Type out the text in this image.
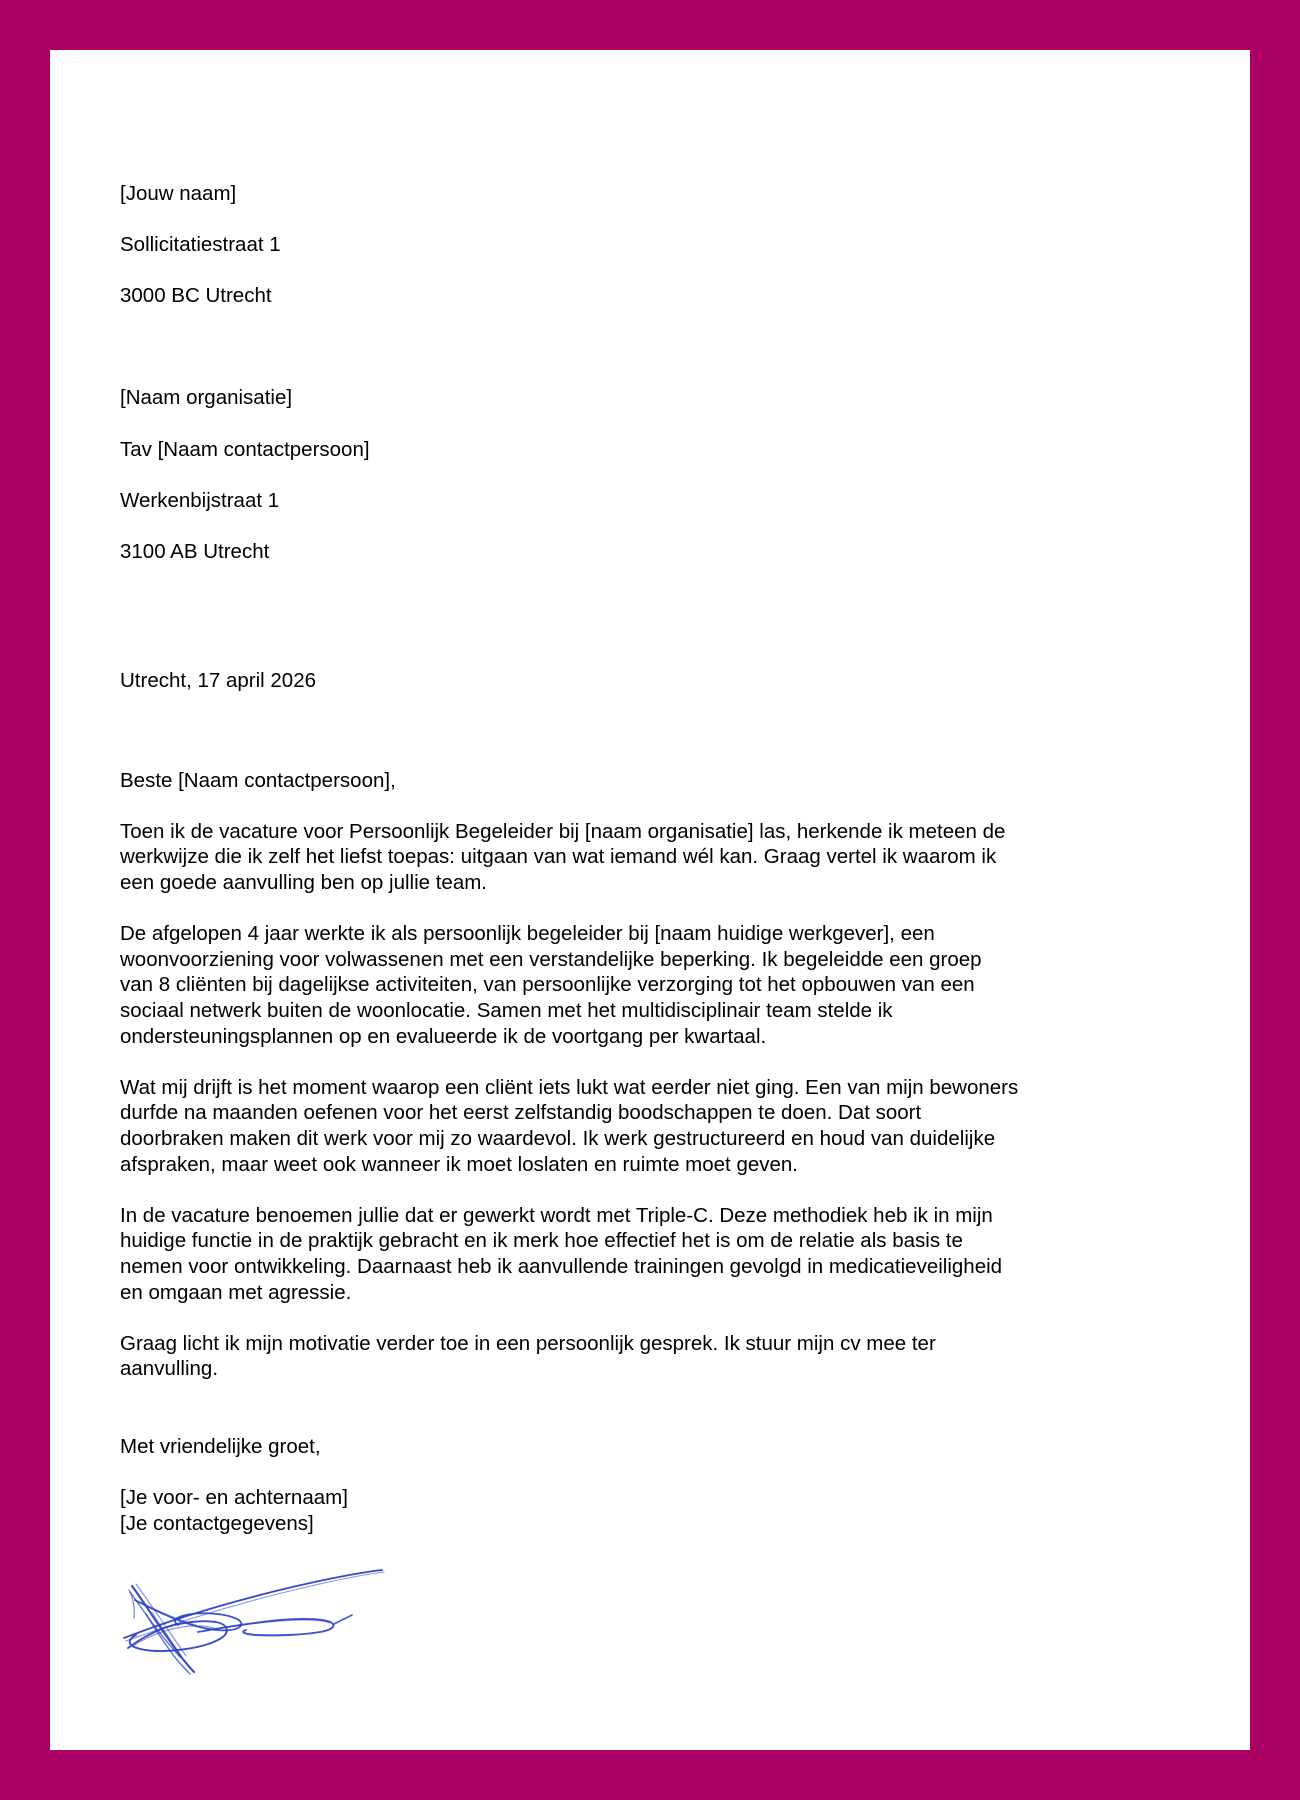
[Jouw naam]

Sollicitatiestraat 1

3000 BC Utrecht

[Naam organisatie]

Tav [Naam contactpersoon]

Werkenbijstraat 1

3100 AB Utrecht

Utrecht, 17 april 2026

Beste [Naam contactpersoon],

Toen ik de vacature voor Persoonlijk Begeleider bij [naam organisatie] las, herkende ik meteen de werkwijze die ik zelf het liefst toepas: uitgaan van wat iemand wél kan. Graag vertel ik waarom ik een goede aanvulling ben op jullie team.

De afgelopen 4 jaar werkte ik als persoonlijk begeleider bij [naam huidige werkgever], een woonvoorziening voor volwassenen met een verstandelijke beperking. Ik begeleidde een groep van 8 cliënten bij dagelijkse activiteiten, van persoonlijke verzorging tot het opbouwen van een sociaal netwerk buiten de woonlocatie. Samen met het multidisciplinair team stelde ik ondersteuningsplannen op en evalueerde ik de voortgang per kwartaal.

Wat mij drijft is het moment waarop een cliënt iets lukt wat eerder niet ging. Een van mijn bewoners durfde na maanden oefenen voor het eerst zelfstandig boodschappen te doen. Dat soort doorbraken maken dit werk voor mij zo waardevol. Ik werk gestructureerd en houd van duidelijke afspraken, maar weet ook wanneer ik moet loslaten en ruimte moet geven.

In de vacature benoemen jullie dat er gewerkt wordt met Triple-C. Deze methodiek heb ik in mijn huidige functie in de praktijk gebracht en ik merk hoe effectief het is om de relatie als basis te nemen voor ontwikkeling. Daarnaast heb ik aanvullende trainingen gevolgd in medicatieveiligheid en omgaan met agressie.

Graag licht ik mijn motivatie verder toe in een persoonlijk gesprek. Ik stuur mijn cv mee ter aanvulling.

Met vriendelijke groet,

[Je voor- en achternaam]
[Je contactgegevens]
